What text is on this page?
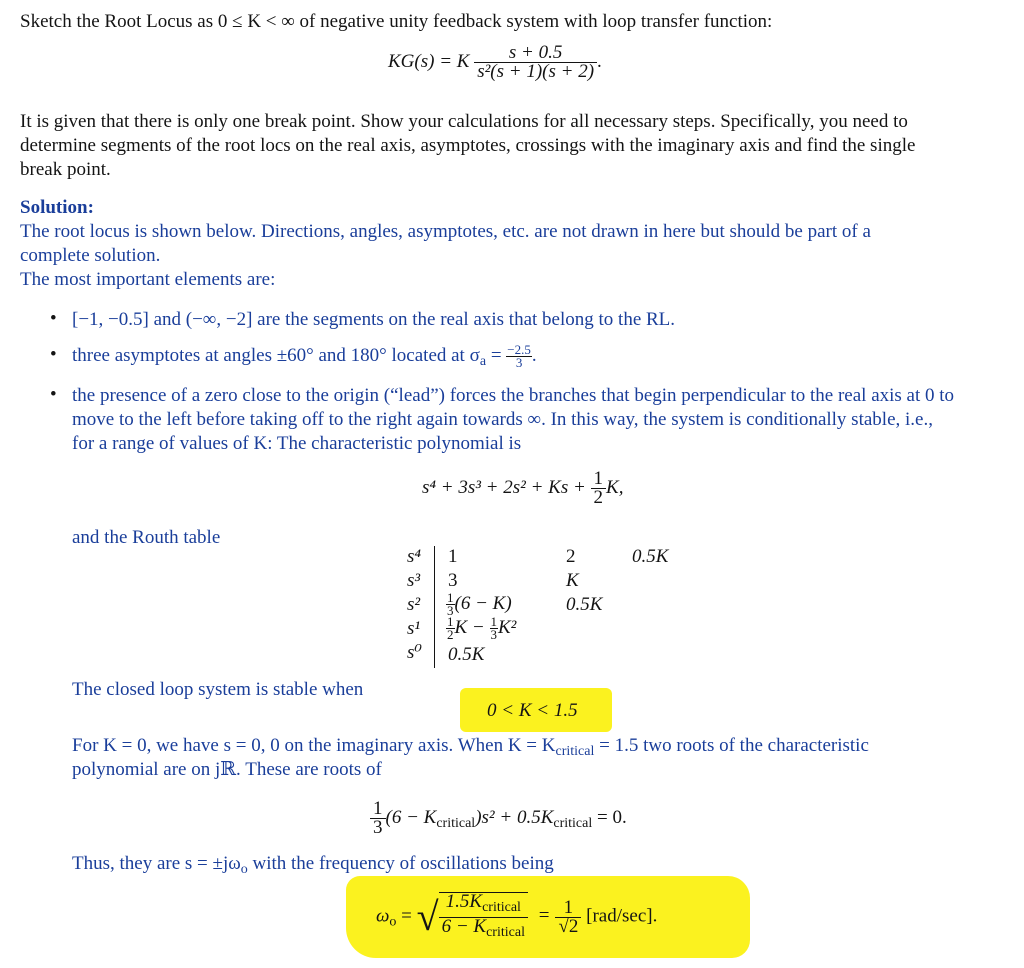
Sketch the Root Locus as 0 ≤ K < ∞ of negative unity feedback system with loop transfer function:
KG(s) = K $\frac{s + 0.5}{\text{s²(s + 1)(s + 2)}}$ .
It is given that there is only one break point. Show your calculations for all necessary steps. Specifically, you need to
determine segments of the root locs on the real axis, asymptotes, crossings with the imaginary axis and find the single
break point.
Solution:
The root locus is shown below. Directions, angles, asymptotes, etc. are not drawn in here but should be part of a
complete solution.
The most important elements are:
• [−1, −0.5] and (−∞, −2] are the segments on the real axis that belong to the RL.
• three asymptotes at angles ±60° and 180° located at $\sigma_a = \frac{-2.5}{3}$ .
• the presence of a zero close to the origin (“lead”) forces the branches that begin perpendicular to the real axis at 0 to
move to the left before taking off to the right again towards ∞. In this way, the system is conditionally stable, i.e.,
for a range of values of K: The characteristic polynomial is
$s^4 + 3s^3 + 2s^2 + Ks + \frac{1}{2} K$,
and the Routh table
s⁴
s³
s²
s¹
s⁰
1
3
$\frac{1}{3} (6 - K)$
$\frac{1}{2}$ $K - \frac{1}{3} K^2$
0.5K
2
K
0.5K
0.5K
The closed loop system is stable when
0 < K < 1.5
For K = 0, we have s = 0, 0 on the imaginary axis. When $K = K_{critical} = 1.5$ two roots of the characteristic
polynomial are on jℝ. These are roots of
$\frac{1}{3} (6 - K_{critical})s^2 + 0.5K_{critical} = 0$.
Thus, they are $s = \pm j\omega_o$ with the frequency of oscillations being
$\omega_o$ = √ $\frac{1.5K_{critical}}{6 - K_{critical}} = \frac{1}{√2} [rad/\sec]$.
